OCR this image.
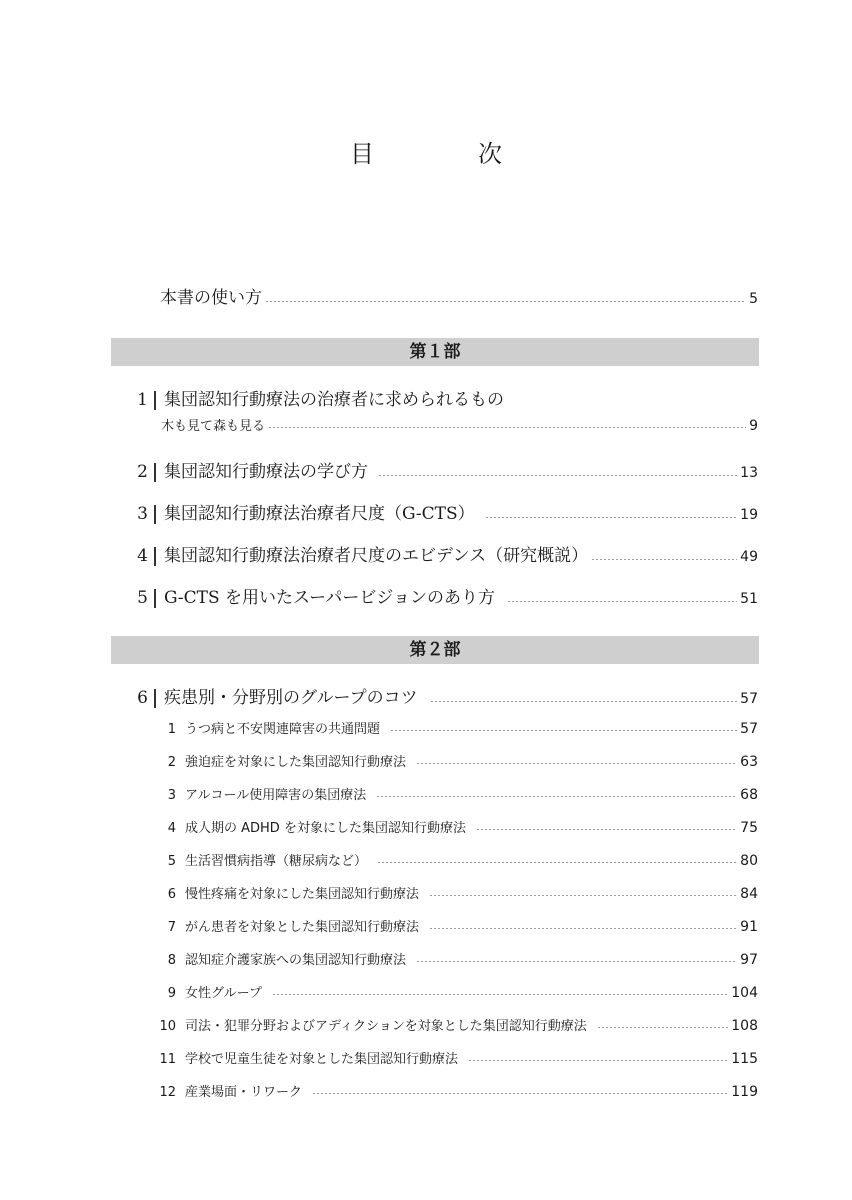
目　次
本書の使い方	5
第１部
1 集団認知行動療法の治療者に求められるもの
木も見て森も見る	9
2 集団認知行動療法の学び方	13
3 集団認知行動療法治療者尺度（G-CTS）	19
4 集団認知行動療法治療者尺度のエビデンス（研究概説）	49
5 G-CTS を用いたスーパービジョンのあり方	51
第２部
6 疾患別・分野別のグループのコツ	57
1 うつ病と不安関連障害の共通問題	57
2 強迫症を対象にした集団認知行動療法	63
3 アルコール使用障害の集団療法	68
4 成人期の ADHD を対象にした集団認知行動療法	75
5 生活習慣病指導（糖尿病など）	80
6 慢性疼痛を対象にした集団認知行動療法	84
7 がん患者を対象とした集団認知行動療法	91
8 認知症介護家族への集団認知行動療法	97
9 女性グループ	104
10 司法・犯罪分野およびアディクションを対象とした集団認知行動療法	108
11 学校で児童生徒を対象とした集団認知行動療法	115
12 産業場面・リワーク	119
